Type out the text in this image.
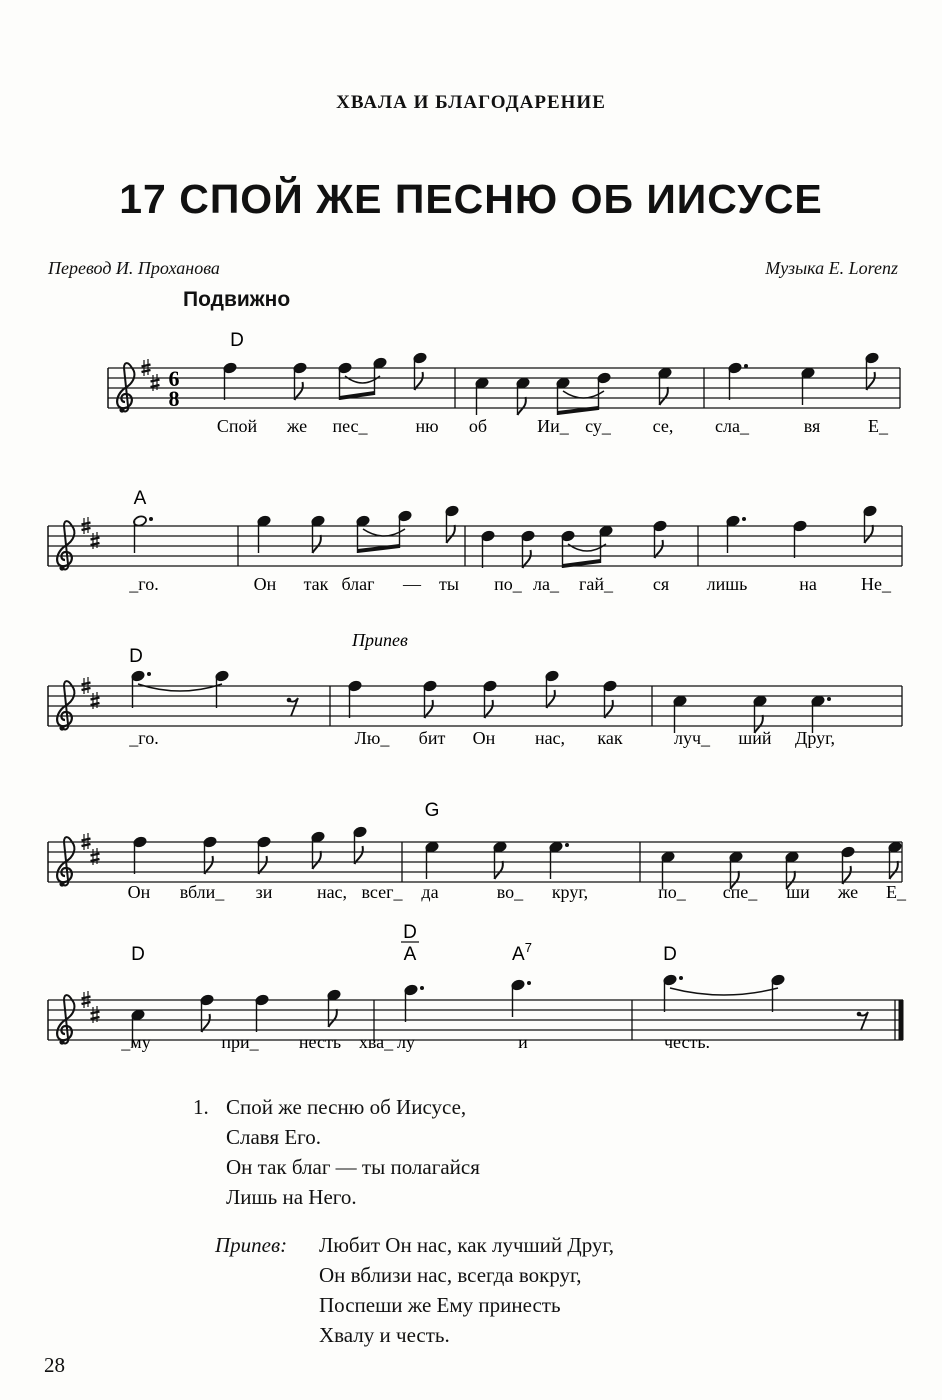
ХВАЛА И БЛАГОДАРЕНИЕ
17 СПОЙ ЖЕ ПЕСНЮ ОБ ИИСУСЕ
Перевод И. Проханова	Музыка E. Lorenz
Подвижно
6
8
D
Спой же пес_	ню об	Ии_ су_ се, сла_	вя	Е_
A
_го.	Он так благ — ты по_ ла_ гай_ ся лишь	на Не_
Припев
D
_го.	Лю_ бит Он нас, как	луч_ ший Друг,
G
Он вбли_ зи нас, всег_ да	во_ круг,	по_ спе_ ши же Е_
D
D
A	$A^7$	D
_му	при_ несть хва_ лу	и	честь.
1. Спой же песню об Иисусе,
Славя Его.
Он так благ — ты полагайся
Лишь на Него.
Припев: Любит Он нас, как лучший Друг,
Он вблизи нас, всегда вокруг,
Поспеши же Ему принесть
Хвалу и честь.
28
